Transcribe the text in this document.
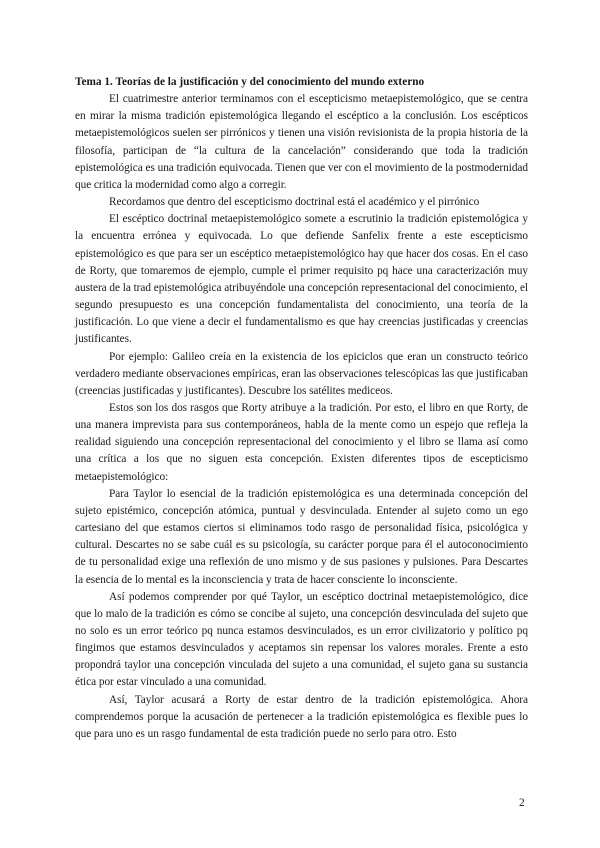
Tema 1. Teorías de la justificación y del conocimiento del mundo externo

El cuatrimestre anterior terminamos con el escepticismo metaepistemológico, que se centra en mirar la misma tradición epistemológica llegando el escéptico a la conclusión. Los escépticos metaepistemológicos suelen ser pirrónicos y tienen una visión revisionista de la propia historia de la filosofía, participan de “la cultura de la cancelación” considerando que toda la tradición epistemológica es una tradición equivocada. Tienen que ver con el movimiento de la postmodernidad que critica la modernidad como algo a corregir.

Recordamos que dentro del escepticismo doctrinal está el académico y el pirrónico

El escéptico doctrinal metaepistemológico somete a escrutinio la tradición epistemológica y la encuentra errónea y equivocada. Lo que defiende Sanfelix frente a este escepticismo epistemológico es que para ser un escéptico metaepistemológico hay que hacer dos cosas. En el caso de Rorty, que tomaremos de ejemplo, cumple el primer requisito pq hace una caracterización muy austera de la trad epistemológica atribuyéndole una concepción representacional del conocimiento, el segundo presupuesto es una concepción fundamentalista del conocimiento, una teoría de la justificación. Lo que viene a decir el fundamentalismo es que hay creencias justificadas y creencias justificantes.

Por ejemplo: Galileo creía en la existencia de los epiciclos que eran un constructo teórico verdadero mediante observaciones empíricas, eran las observaciones telescópicas las que justificaban (creencias justificadas y justificantes). Descubre los satélites mediceos.

Estos son los dos rasgos que Rorty atribuye a la tradición. Por esto, el libro en que Rorty, de una manera imprevista para sus contemporáneos, habla de la mente como un espejo que refleja la realidad siguiendo una concepción representacional del conocimiento y el libro se llama así como una crítica a los que no siguen esta concepción. Existen diferentes tipos de escepticismo metaepistemológico:

Para Taylor lo esencial de la tradición epistemológica es una determinada concepción del sujeto epistémico, concepción atómica, puntual y desvinculada. Entender al sujeto como un ego cartesiano del que estamos ciertos si eliminamos todo rasgo de personalidad física, psicológica y cultural. Descartes no se sabe cuál es su psicología, su carácter porque para él el autoconocimiento de tu personalidad exige una reflexión de uno mismo y de sus pasiones y pulsiones. Para Descartes la esencia de lo mental es la inconsciencia y trata de hacer consciente lo inconsciente.

Así podemos comprender por qué Taylor, un escéptico doctrinal metaepistemológico, dice que lo malo de la tradición es cómo se concibe al sujeto, una concepción desvinculada del sujeto que no solo es un error teórico pq nunca estamos desvinculados, es un error civilizatorio y político pq fingimos que estamos desvinculados y aceptamos sin repensar los valores morales. Frente a esto propondrá taylor una concepción vinculada del sujeto a una comunidad, el sujeto gana su sustancia ética por estar vinculado a una comunidad.

Así, Taylor acusará a Rorty de estar dentro de la tradición epistemológica. Ahora comprendemos porque la acusación de pertenecer a la tradición epistemológica es flexible pues lo que para uno es un rasgo fundamental de esta tradición puede no serlo para otro. Esto

2
